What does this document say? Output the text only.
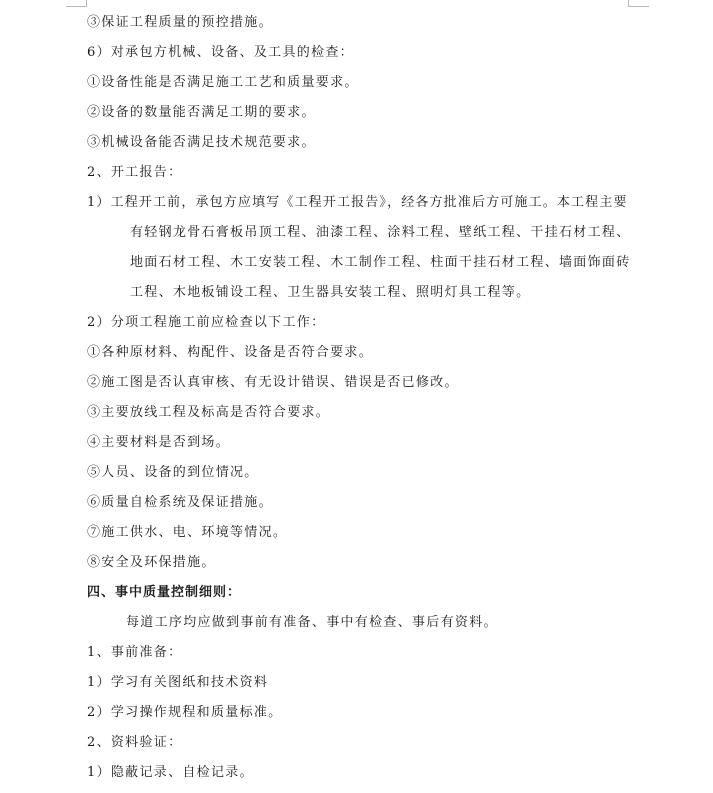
③保证工程质量的预控措施。
6）对承包方机械、设备、及工具的检查：
①设备性能是否满足施工工艺和质量要求。
②设备的数量能否满足工期的要求。
③机械设备能否满足技术规范要求。
2、开工报告：
1）工程开工前，承包方应填写《工程开工报告》，经各方批准后方可施工。本工程主要
有轻钢龙骨石膏板吊顶工程、油漆工程、涂料工程、壁纸工程、干挂石材工程、
地面石材工程、木工安装工程、木工制作工程、柱面干挂石材工程、墙面饰面砖
工程、木地板铺设工程、卫生器具安装工程、照明灯具工程等。
2）分项工程施工前应检查以下工作：
①各种原材料、构配件、设备是否符合要求。
②施工图是否认真审核、有无设计错误、错误是否已修改。
③主要放线工程及标高是否符合要求。
④主要材料是否到场。
⑤人员、设备的到位情况。
⑥质量自检系统及保证措施。
⑦施工供水、电、环境等情况。
⑧安全及环保措施。
四、事中质量控制细则：
每道工序均应做到事前有准备、事中有检查、事后有资料。
1、事前准备：
1）学习有关图纸和技术资料
2）学习操作规程和质量标准。
2、资料验证：
1）隐蔽记录、自检记录。
